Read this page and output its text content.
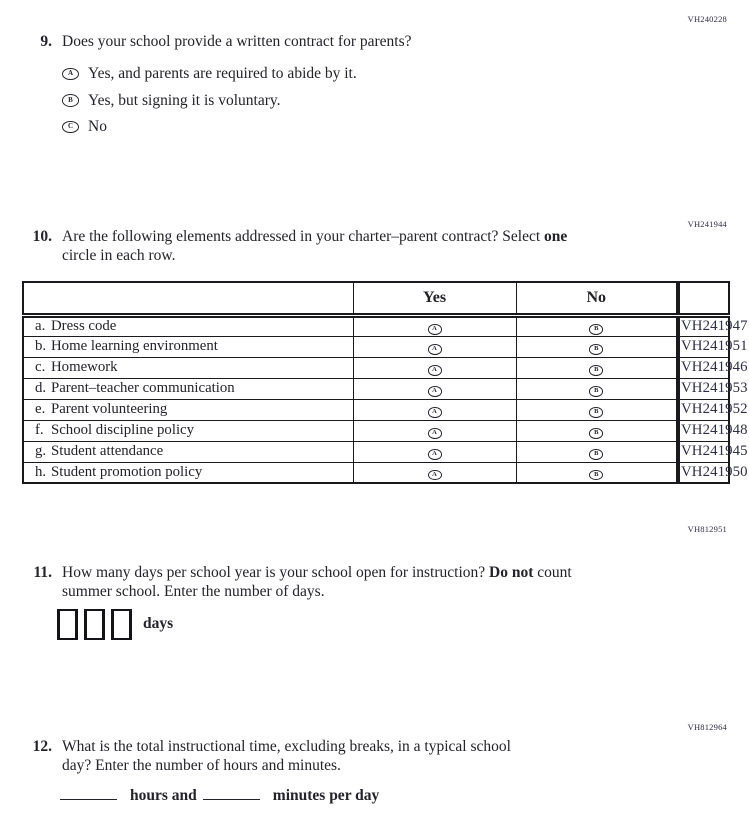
VH240228
9. Does your school provide a written contract for parents?
A Yes, and parents are required to abide by it.
B Yes, but signing it is voluntary.
C No
VH241944
10. Are the following elements addressed in your charter–parent contract? Select one
circle in each row.
	Yes	No	
a. Dress code	A	B	VH241947
b. Home learning environment	A	B	VH241951
c. Homework	A	B	VH241946
d. Parent–teacher communication	A	B	VH241953
e. Parent volunteering	A	B	VH241952
f. School discipline policy	A	B	VH241948
g. Student attendance	A	B	VH241945
h. Student promotion policy	A	B	VH241950
VH812951
11. How many days per school year is your school open for instruction? Do not count
summer school. Enter the number of days.
days
VH812964
12. What is the total instructional time, excluding breaks, in a typical school
day? Enter the number of hours and minutes.
hours and	minutes per day
